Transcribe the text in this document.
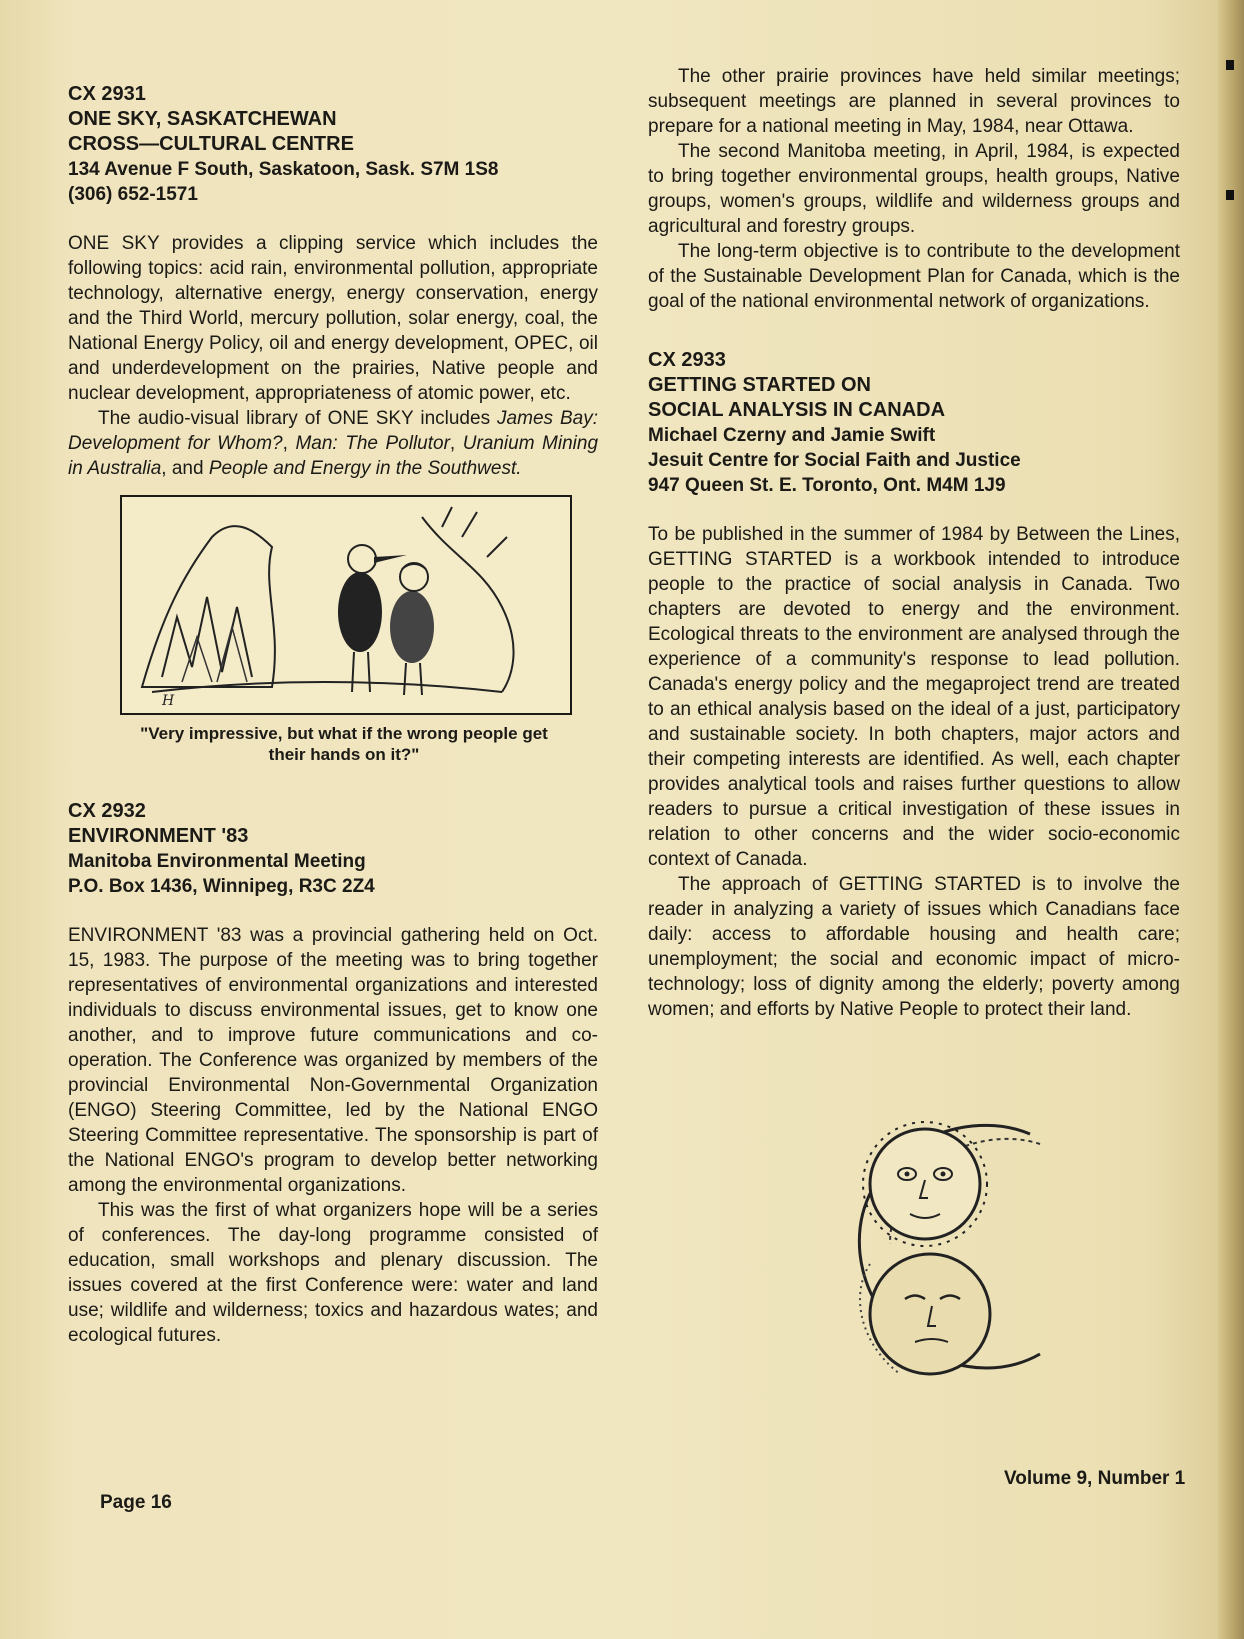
CX 2931
ONE SKY, SASKATCHEWAN
CROSS—CULTURAL CENTRE
134 Avenue F South, Saskatoon, Sask. S7M 1S8
(306) 652-1571

ONE SKY provides a clipping service which includes the following topics: acid rain, environmental pollution, appropriate technology, alternative energy, energy conservation, energy and the Third World, mercury pollution, solar energy, coal, the National Energy Policy, oil and energy development, OPEC, oil and underdevelopment on the prairies, Native people and nuclear development, appropriateness of atomic power, etc.

The audio-visual library of ONE SKY includes James Bay: Development for Whom?, Man: The Pollutor, Uranium Mining in Australia, and People and Energy in the Southwest.

H
"Very impressive, but what if the wrong people get their hands on it?"
CX 2932
ENVIRONMENT '83
Manitoba Environmental Meeting
P.O. Box 1436, Winnipeg, R3C 2Z4

ENVIRONMENT '83 was a provincial gathering held on Oct. 15, 1983. The purpose of the meeting was to bring together representatives of environmental organizations and interested individuals to discuss environmental issues, get to know one another, and to improve future communications and co-operation. The Conference was organized by members of the provincial Environmental Non-Governmental Organization (ENGO) Steering Committee, led by the National ENGO Steering Committee representative. The sponsorship is part of the National ENGO's program to develop better networking among the environmental organizations.

This was the first of what organizers hope will be a series of conferences. The day-long programme consisted of education, small workshops and plenary discussion. The issues covered at the first Conference were: water and land use; wildlife and wilderness; toxics and hazardous wates; and ecological futures.

The other prairie provinces have held similar meetings; subsequent meetings are planned in several provinces to prepare for a national meeting in May, 1984, near Ottawa.

The second Manitoba meeting, in April, 1984, is expected to bring together environmental groups, health groups, Native groups, women's groups, wildlife and wilderness groups and agricultural and forestry groups.

The long-term objective is to contribute to the development of the Sustainable Development Plan for Canada, which is the goal of the national environmental network of organizations.

CX 2933
GETTING STARTED ON
SOCIAL ANALYSIS IN CANADA
Michael Czerny and Jamie Swift
Jesuit Centre for Social Faith and Justice
947 Queen St. E. Toronto, Ont. M4M 1J9

To be published in the summer of 1984 by Between the Lines, GETTING STARTED is a workbook intended to introduce people to the practice of social analysis in Canada. Two chapters are devoted to energy and the environment. Ecological threats to the environment are analysed through the experience of a community's response to lead pollution. Canada's energy policy and the megaproject trend are treated to an ethical analysis based on the ideal of a just, participatory and sustainable society. In both chapters, major actors and their competing interests are identified. As well, each chapter provides analytical tools and raises further questions to allow readers to pursue a critical investigation of these issues in relation to other concerns and the wider socio-economic context of Canada.

The approach of GETTING STARTED is to involve the reader in analyzing a variety of issues which Canadians face daily: access to affordable housing and health care; unemployment; the social and economic impact of micro-technology; loss of dignity among the elderly; poverty among women; and efforts by Native People to protect their land.

Page 16
Volume 9, Number 1
